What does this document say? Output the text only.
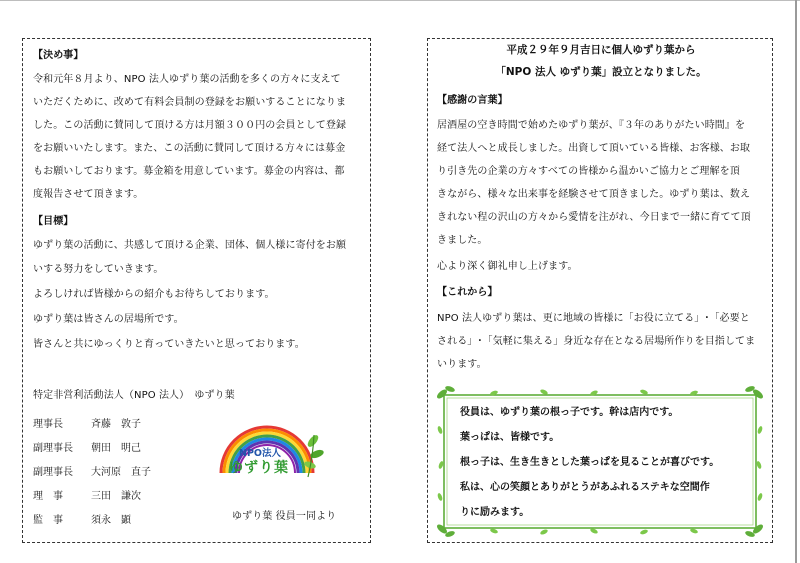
【決め事】
令和元年８月より、NPO 法人ゆずり葉の活動を多くの方々に支えて
いただくために、改めて有料会員制の登録をお願いすることになりま
した。この活動に賛同して頂ける方は月額３００円の会員として登録
をお願いいたします。また、この活動に賛同して頂ける方々には募金
もお願いしております。募金箱を用意しています。募金の内容は、都
度報告させて頂きます。
【目標】
ゆずり葉の活動に、共感して頂ける企業、団体、個人様に寄付をお願
いする努力をしていきます。
よろしければ皆様からの紹介もお待ちしております。
ゆずり葉は皆さんの居場所です。
皆さんと共にゆっくりと育っていきたいと思っております。
特定非営利活動法人（NPO 法人）　ゆずり葉
理事長	斉藤　敦子
副理事長 朝田　明己
副理事長 大河原　直子
理　事	三田　謙次
監　事	須永　顕	ゆずり葉 役員一同より
NPO法人
ゆずり葉
平成２９年９月吉日に個人ゆずり葉から
「NPO 法人 ゆずり葉」設立となりました。
【感謝の言葉】
居酒屋の空き時間で始めたゆずり葉が、『３年のありがたい時間』を
経て法人へと成長しました。出資して頂いている皆様、お客様、お取
り引き先の企業の方々すべての皆様から温かいご協力とご理解を頂
きながら、様々な出来事を経験させて頂きました。ゆずり葉は、数え
きれない程の沢山の方々から愛情を注がれ、今日まで一緒に育てて頂
きました。
心より深く御礼申し上げます。
【これから】
NPO 法人ゆずり葉は、更に地域の皆様に「お役に立てる」･「必要と
される」･「気軽に集える」身近な存在となる居場所作りを目指してま
いります。
役員は、ゆずり葉の根っ子です。幹は店内です。
葉っぱは、皆様です。
根っ子は、生き生きとした葉っぱを見ることが喜びです。
私は、心の笑顔とありがとうがあふれるステキな空間作
りに励みます。
